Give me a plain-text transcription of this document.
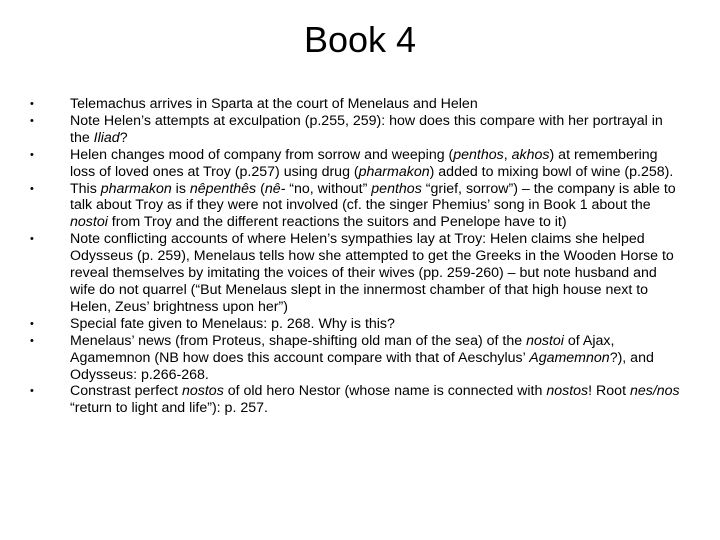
Book 4
•	Telemachus arrives in Sparta at the court of Menelaus and Helen
•	Note Helen’s attempts at exculpation (p.255, 259): how does this compare with her portrayal in the Iliad?
•	Helen changes mood of company from sorrow and weeping (penthos, akhos) at remembering loss of loved ones at Troy (p.257) using drug (pharmakon) added to mixing bowl of wine (p.258).
•	This pharmakon is nêpenthês (nê- “no, without” penthos “grief, sorrow”) – the company is able to talk about Troy as if they were not involved (cf. the singer Phemius’ song in Book 1 about the nostoi from Troy and the different reactions the suitors and Penelope have to it)
•	Note conflicting accounts of where Helen’s sympathies lay at Troy: Helen claims she helped Odysseus (p. 259), Menelaus tells how she attempted to get the Greeks in the Wooden Horse to reveal themselves by imitating the voices of their wives (pp. 259-260) – but note husband and wife do not quarrel (“But Menelaus slept in the innermost chamber of that high house next to Helen, Zeus’ brightness upon her”)
•	Special fate given to Menelaus: p. 268. Why is this?
•	Menelaus’ news (from Proteus, shape-shifting old man of the sea) of the nostoi of Ajax, Agamemnon (NB how does this account compare with that of Aeschylus’ Agamemnon?), and Odysseus: p.266-268.
•	Constrast perfect nostos of old hero Nestor (whose name is connected with nostos! Root nes/nos “return to light and life”): p. 257.
